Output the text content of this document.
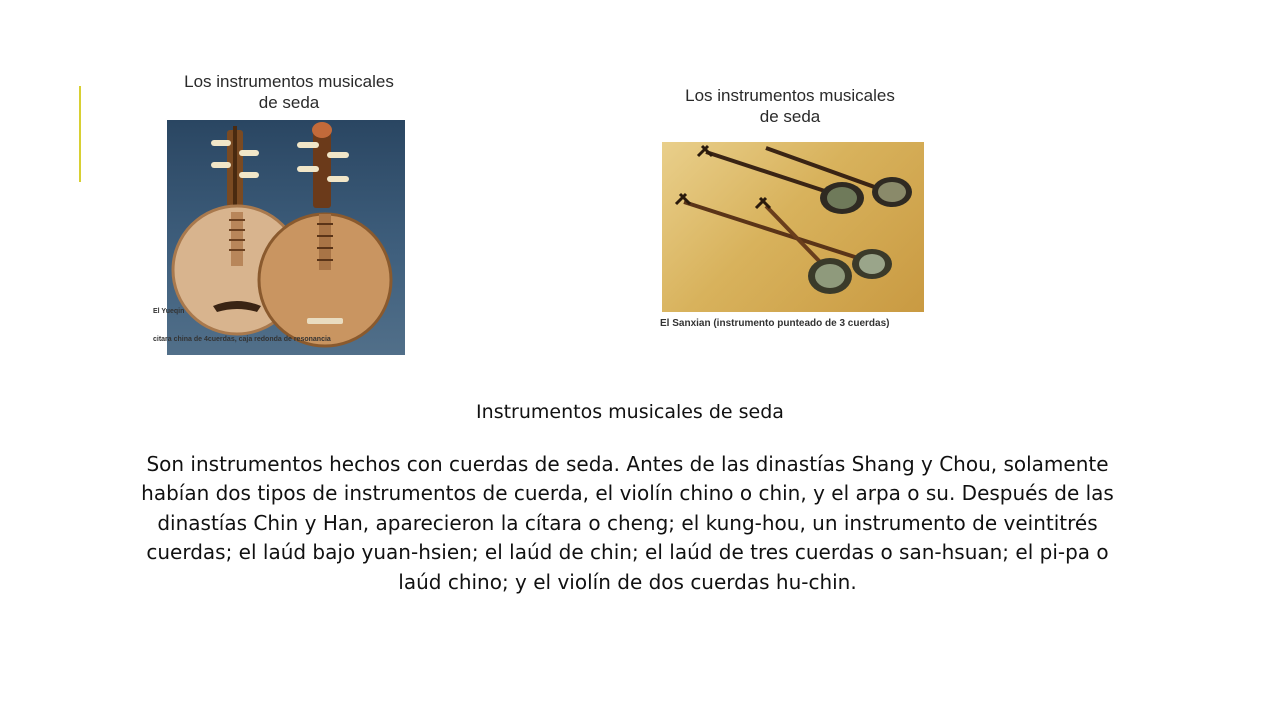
Los instrumentos musicales
de seda
El Yueqin
citara china de 4cuerdas, caja redonda de resonancia
Los instrumentos musicales
de seda
El Sanxian (instrumento punteado de 3 cuerdas)
Instrumentos musicales de seda
Son instrumentos hechos con cuerdas de seda. Antes de las dinastías Shang y Chou, solamente habían dos tipos de instrumentos de cuerda, el violín chino o chin, y el arpa o su. Después de las dinastías Chin y Han, aparecieron la cítara o cheng; el kung-hou, un instrumento de veintitrés cuerdas; el laúd bajo yuan-hsien; el laúd de chin; el laúd de tres cuerdas o san-hsuan; el pi-pa o laúd chino; y el violín de dos cuerdas hu-chin.
